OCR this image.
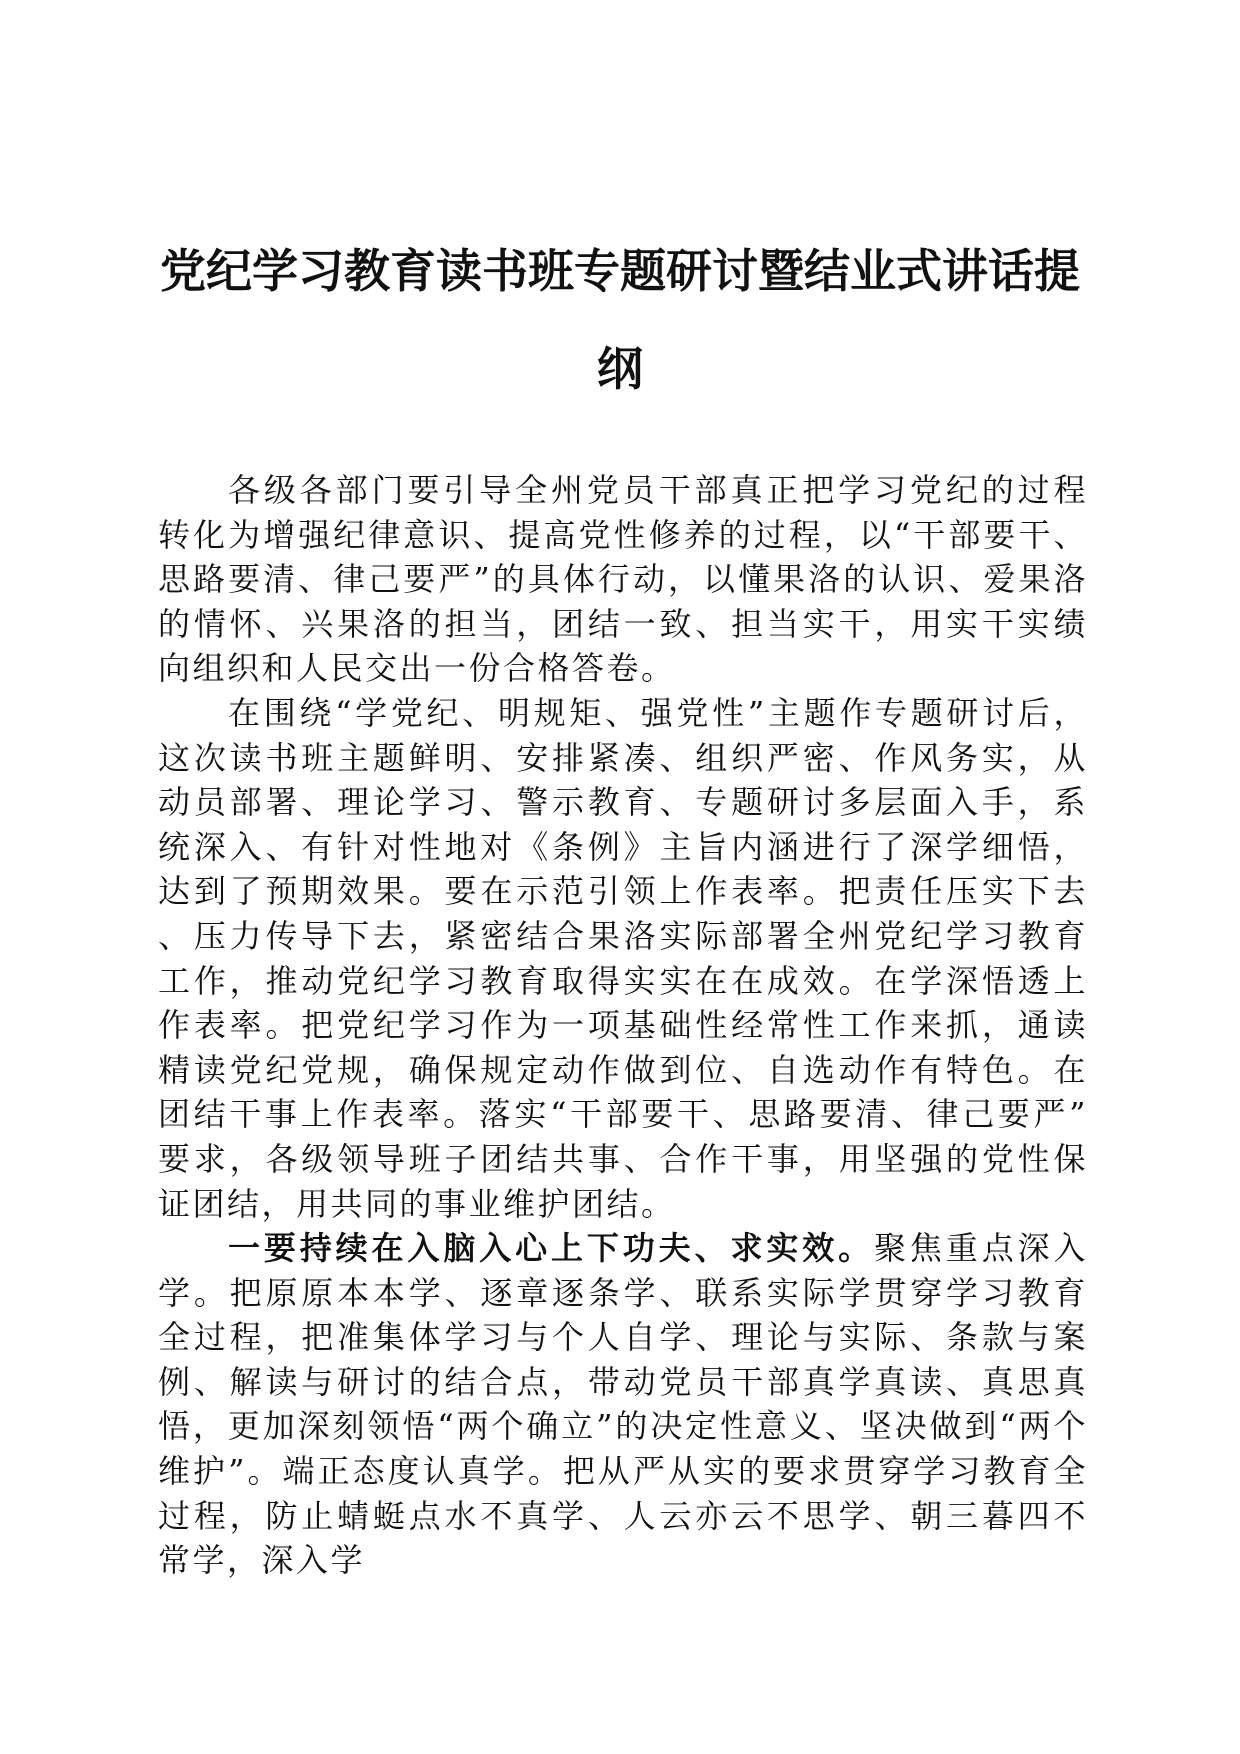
党纪学习教育读书班专题研讨暨结业式讲话提纲

各级各部门要引导全州党员干部真正把学习党纪的过程转化为增强纪律意识、提高党性修养的过程，以“干部要干、思路要清、律己要严”的具体行动，以懂果洛的认识、爱果洛的情怀、兴果洛的担当，团结一致、担当实干，用实干实绩向组织和人民交出一份合格答卷。

在围绕“学党纪、明规矩、强党性”主题作专题研讨后，这次读书班主题鲜明、安排紧凑、组织严密、作风务实，从动员部署、理论学习、警示教育、专题研讨多层面入手，系统深入、有针对性地对《条例》主旨内涵进行了深学细悟，达到了预期效果。要在示范引领上作表率。把责任压实下去、压力传导下去，紧密结合果洛实际部署全州党纪学习教育工作，推动党纪学习教育取得实实在在成效。在学深悟透上作表率。把党纪学习作为一项基础性经常性工作来抓，通读精读党纪党规，确保规定动作做到位、自选动作有特色。在团结干事上作表率。落实“干部要干、思路要清、律己要严”要求，各级领导班子团结共事、合作干事，用坚强的党性保证团结，用共同的事业维护团结。

一要持续在入脑入心上下功夫、求实效。聚焦重点深入学。把原原本本学、逐章逐条学、联系实际学贯穿学习教育全过程，把准集体学习与个人自学、理论与实际、条款与案例、解读与研讨的结合点，带动党员干部真学真读、真思真悟，更加深刻领悟“两个确立”的决定性意义、坚决做到“两个维护”。端正态度认真学。把从严从实的要求贯穿学习教育全过程，防止蜻蜓点水不真学、人云亦云不思学、朝三暮四不常学，深入学
